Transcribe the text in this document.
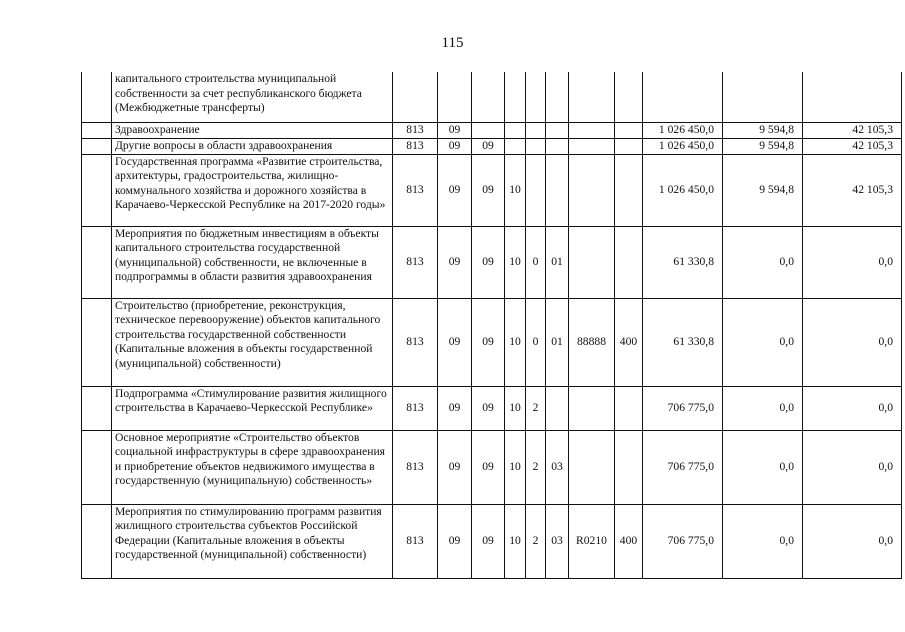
115
	капитального строительства муниципальной собственности за счет республиканского бюджета (Межбюджетные трансферты)											
	Здравоохранение	813	09							1 026 450,0	9 594,8	42 105,3
	Другие вопросы в области здравоохранения	813	09	09						1 026 450,0	9 594,8	42 105,3
	Государственная программа «Развитие строительства, архитектуры, градостроительства, жилищно-коммунального хозяйства и дорожного хозяйства в Карачаево-Черкесской Республике на 2017-2020 годы»	813	09	09	10					1 026 450,0	9 594,8	42 105,3
	Мероприятия по бюджетным инвестициям в объекты капитального строительства государственной (муниципальной) собственности, не включенные в подпрограммы в области развития здравоохранения	813	09	09	10	0	01			61 330,8	0,0	0,0
	Строительство (приобретение, реконструкция, техническое перевооружение) объектов капитального строительства государственной собственности (Капитальные вложения в объекты государственной (муниципальной) собственности)	813	09	09	10	0	01	88888	400	61 330,8	0,0	0,0
	Подпрограмма «Стимулирование развития жилищного строительства в Карачаево-Черкесской Республике»	813	09	09	10	2				706 775,0	0,0	0,0
	Основное мероприятие «Строительство объектов социальной инфраструктуры в сфере здравоохранения и приобретение объектов недвижимого имущества в государственную (муниципальную) собственность»	813	09	09	10	2	03			706 775,0	0,0	0,0
	Мероприятия по стимулированию программ развития жилищного строительства субъектов Российской Федерации (Капитальные вложения в объекты государственной (муниципальной) собственности)	813	09	09	10	2	03	R0210	400	706 775,0	0,0	0,0
